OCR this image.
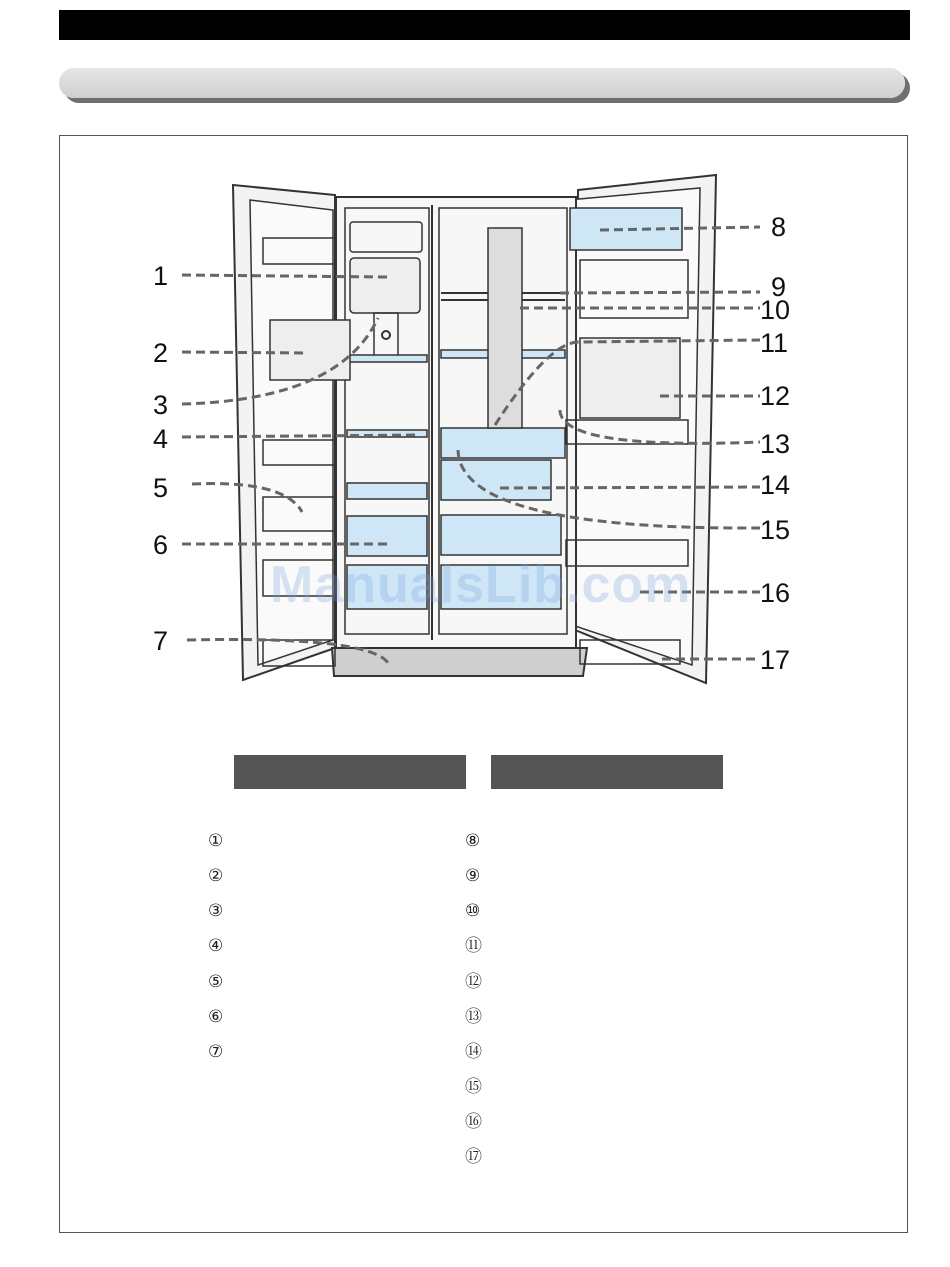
1
2
3
4
5
6
7
8
9
10
11
12
13
14
15
16
17
ManualsLib.com
①
②
③
④
⑤
⑥
⑦
⑧
⑨
⑩
⑪
⑫
⑬
⑭
⑮
⑯
⑰
